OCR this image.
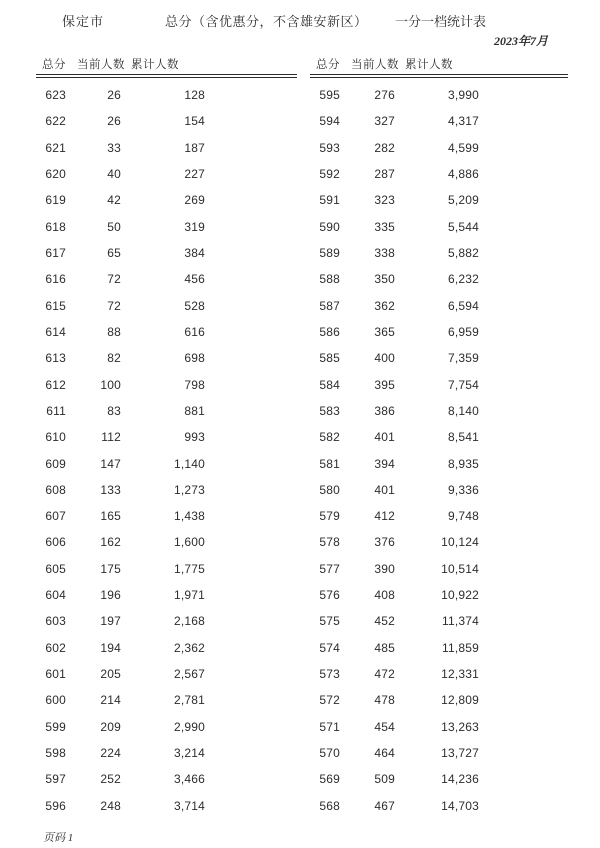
保定市	总分（含优惠分，不含雄安新区） 一分一档统计表
2023年7月
总分 当前人数 累计人数
623	26	128
622	26	154
621	33	187
620	40	227
619	42	269
618	50	319
617	65	384
616	72	456
615	72	528
614	88	616
613	82	698
612	100	798
611	83	881
610	112	993
609	147	1,140
608	133	1,273
607	165	1,438
606	162	1,600
605	175	1,775
604	196	1,971
603	197	2,168
602	194	2,362
601	205	2,567
600	214	2,781
599	209	2,990
598	224	3,214
597	252	3,466
596	248	3,714
总分 当前人数 累计人数
595	276	3,990
594	327	4,317
593	282	4,599
592	287	4,886
591	323	5,209
590	335	5,544
589	338	5,882
588	350	6,232
587	362	6,594
586	365	6,959
585	400	7,359
584	395	7,754
583	386	8,140
582	401	8,541
581	394	8,935
580	401	9,336
579	412	9,748
578	376	10,124
577	390	10,514
576	408	10,922
575	452	11,374
574	485	11,859
573	472	12,331
572	478	12,809
571	454	13,263
570	464	13,727
569	509	14,236
568	467	14,703
页码 1
